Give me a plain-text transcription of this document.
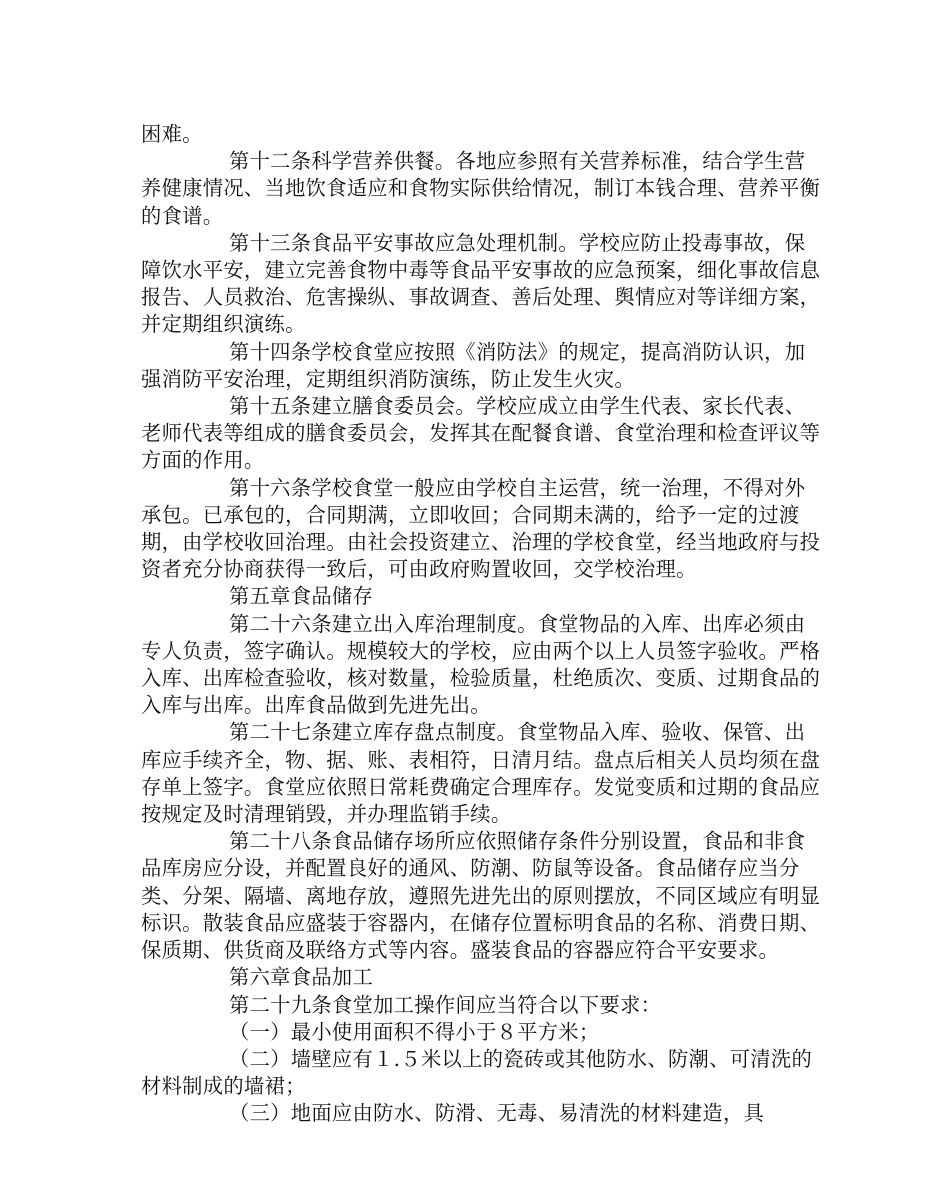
困难。

第十二条科学营养供餐。各地应参照有关营养标准，结合学生营养健康情况、当地饮食适应和食物实际供给情况，制订本钱合理、营养平衡的食谱。

第十三条食品平安事故应急处理机制。学校应防止投毒事故，保障饮水平安，建立完善食物中毒等食品平安事故的应急预案，细化事故信息报告、人员救治、危害操纵、事故调查、善后处理、舆情应对等详细方案，并定期组织演练。

第十四条学校食堂应按照《消防法》的规定，提高消防认识，加强消防平安治理，定期组织消防演练，防止发生火灾。

第十五条建立膳食委员会。学校应成立由学生代表、家长代表、老师代表等组成的膳食委员会，发挥其在配餐食谱、食堂治理和检查评议等方面的作用。

第十六条学校食堂一般应由学校自主运营，统一治理，不得对外承包。已承包的，合同期满，立即收回；合同期未满的，给予一定的过渡期，由学校收回治理。由社会投资建立、治理的学校食堂，经当地政府与投资者充分协商获得一致后，可由政府购置收回，交学校治理。

第五章食品储存

第二十六条建立出入库治理制度。食堂物品的入库、出库必须由专人负责，签字确认。规模较大的学校，应由两个以上人员签字验收。严格入库、出库检查验收，核对数量，检验质量，杜绝质次、变质、过期食品的入库与出库。出库食品做到先进先出。

第二十七条建立库存盘点制度。食堂物品入库、验收、保管、出库应手续齐全，物、据、账、表相符，日清月结。盘点后相关人员均须在盘存单上签字。食堂应依照日常耗费确定合理库存。发觉变质和过期的食品应按规定及时清理销毁，并办理监销手续。

第二十八条食品储存场所应依照储存条件分别设置，食品和非食品库房应分设，并配置良好的通风、防潮、防鼠等设备。食品储存应当分类、分架、隔墙、离地存放，遵照先进先出的原则摆放，不同区域应有明显标识。散装食品应盛装于容器内，在储存位置标明食品的名称、消费日期、保质期、供货商及联络方式等内容。盛装食品的容器应符合平安要求。

第六章食品加工

第二十九条食堂加工操作间应当符合以下要求：

（一）最小使用面积不得小于８平方米；

（二）墙壁应有１.５米以上的瓷砖或其他防水、防潮、可清洗的材料制成的墙裙；

（三）地面应由防水、防滑、无毒、易清洗的材料建造，具
